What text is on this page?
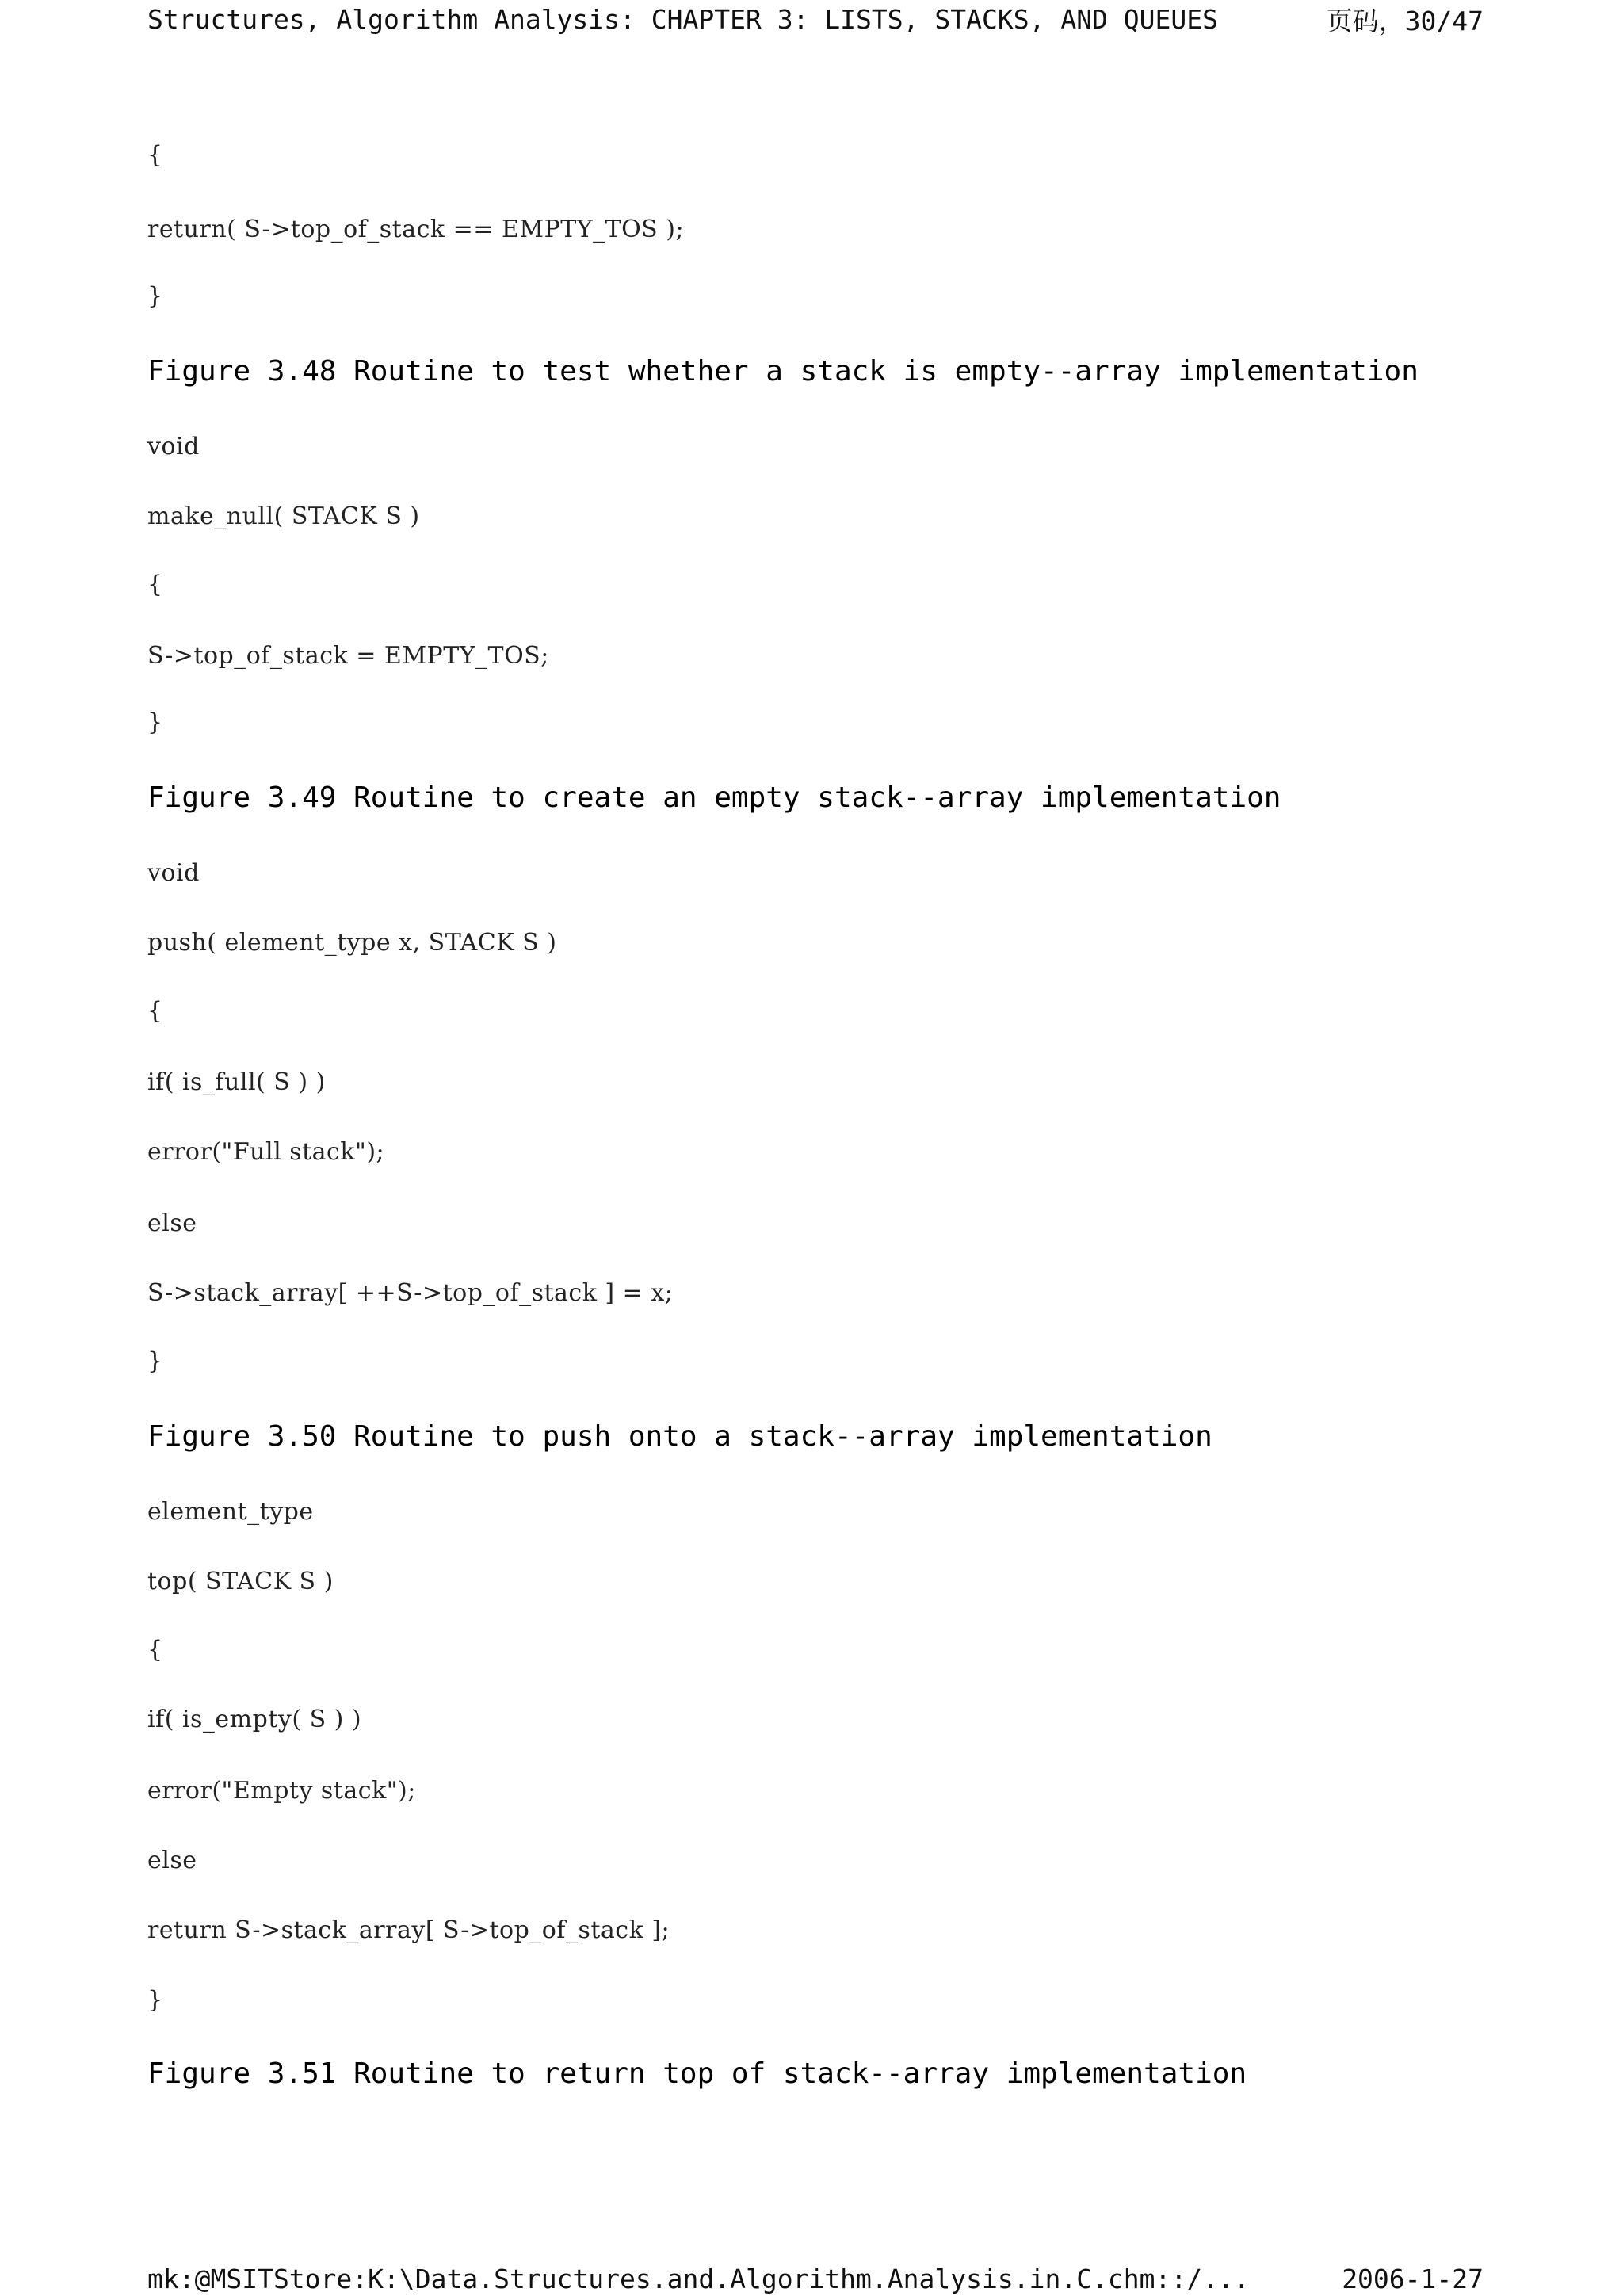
Structures, Algorithm Analysis: CHAPTER 3: LISTS, STACKS, AND QUEUES	页码，30/47
{
return( S->top_of_stack == EMPTY_TOS );
}
Figure 3.48 Routine to test whether a stack is empty--array implementation
void
make_null( STACK S )
{
S->top_of_stack = EMPTY_TOS;
}
Figure 3.49 Routine to create an empty stack--array implementation
void
push( element_type x, STACK S )
{
if( is_full( S ) )
error("Full stack");
else
S->stack_array[ ++S->top_of_stack ] = x;
}
Figure 3.50 Routine to push onto a stack--array implementation
element_type
top( STACK S )
{
if( is_empty( S ) )
error("Empty stack");
else
return S->stack_array[ S->top_of_stack ];
}
Figure 3.51 Routine to return top of stack--array implementation
mk:@MSITStore:K:\Data.Structures.and.Algorithm.Analysis.in.C.chm::/...	2006-1-27
